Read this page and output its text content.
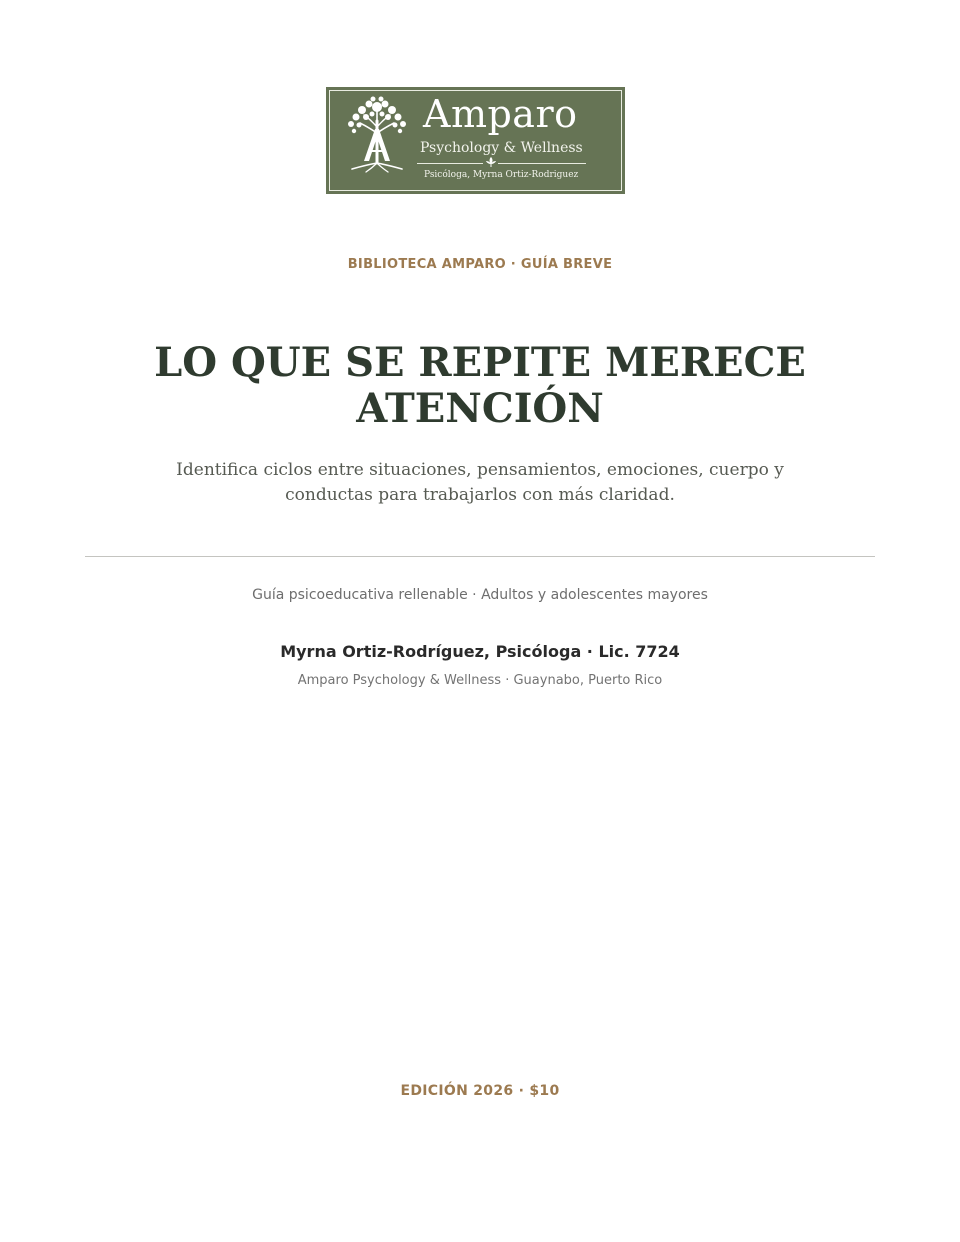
Amparo
Psychology & Wellness
Psicóloga, Myrna Ortiz-Rodriguez
BIBLIOTECA AMPARO · GUÍA BREVE
LO QUE SE REPITE MERECE ATENCIÓN

Identifica ciclos entre situaciones, pensamientos, emociones, cuerpo y conductas para trabajarlos con más claridad.

Guía psicoeducativa rellenable · Adultos y adolescentes mayores
Myrna Ortiz-Rodríguez, Psicóloga · Lic. 7724
Amparo Psychology & Wellness · Guaynabo, Puerto Rico
EDICIÓN 2026 · $10
